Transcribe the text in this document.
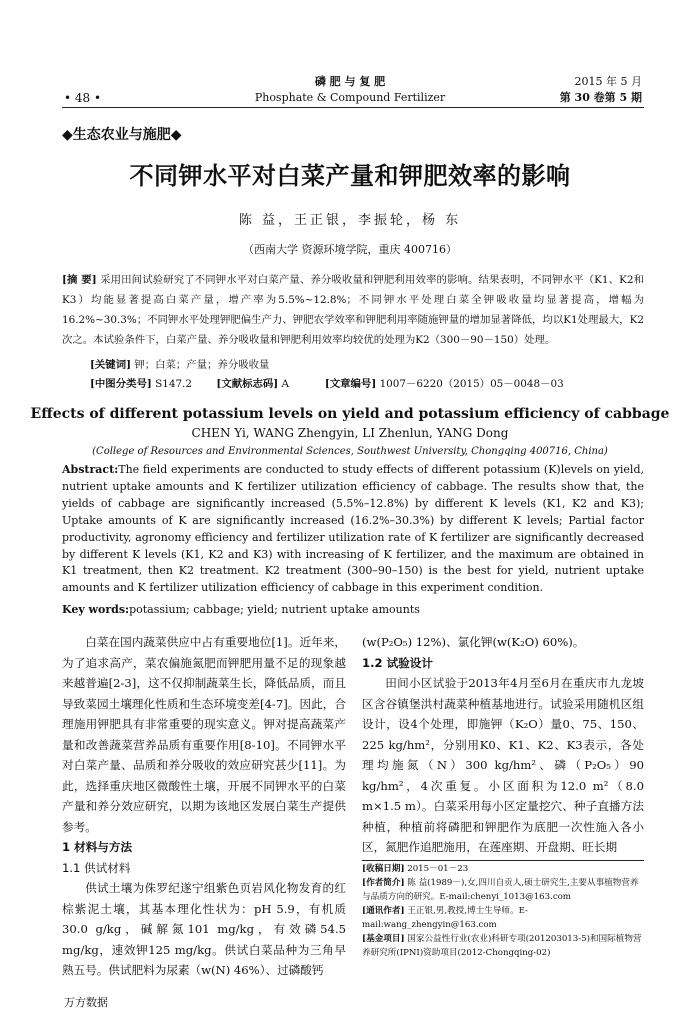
• 48 •
磷 肥 与 复 肥
Phosphate & Compound Fertilizer
2015 年 5 月
第 30 卷第 5 期
◆生态农业与施肥◆
不同钾水平对白菜产量和钾肥效率的影响
陈 益，王正银，李振轮，杨 东
（西南大学 资源环境学院，重庆 400716）
[摘 要] 采用田间试验研究了不同钾水平对白菜产量、养分吸收量和钾肥利用效率的影响。结果表明，不同钾水平（K1、K2和K3）均能显著提高白菜产量，增产率为5.5%~12.8%；不同钾水平处理白菜全钾吸收量均显著提高，增幅为16.2%~30.3%；不同钾水平处理钾肥偏生产力、钾肥农学效率和钾肥利用率随施钾量的增加显著降低，均以K1处理最大，K2次之。本试验条件下，白菜产量、养分吸收量和钾肥利用效率均较优的处理为K2（300－90－150）处理。
[关键词] 钾；白菜；产量；养分吸收量
[中图分类号] S147.2 [文献标志码] A	[文章编号] 1007－6220（2015）05－0048－03
Effects of different potassium levels on yield and potassium efficiency of cabbage
CHEN Yi, WANG Zhengyin, LI Zhenlun, YANG Dong
(College of Resources and Environmental Sciences, Southwest University, Chongqing 400716, China)
Abstract:The field experiments are conducted to study effects of different potassium (K)levels on yield, nutrient uptake amounts and K fertilizer utilization efficiency of cabbage. The results show that, the yields of cabbage are significantly increased (5.5%–12.8%) by different K levels (K1, K2 and K3); Uptake amounts of K are significantly increased (16.2%–30.3%) by different K levels; Partial factor productivity, agronomy efficiency and fertilizer utilization rate of K fertilizer are significantly decreased by different K levels (K1, K2 and K3) with increasing of K fertilizer, and the maximum are obtained in K1 treatment, then K2 treatment. K2 treatment (300–90–150) is the best for yield, nutrient uptake amounts and K fertilizer utilization efficiency of cabbage in this experiment condition.
Key words:potassium; cabbage; yield; nutrient uptake amounts

白菜在国内蔬菜供应中占有重要地位[1]。近年来，为了追求高产，菜农偏施氮肥而钾肥用量不足的现象越来越普遍[2-3]，这不仅抑制蔬菜生长，降低品质，而且导致菜园土壤理化性质和生态环境变差[4-7]。因此，合理施用钾肥具有非常重要的现实意义。钾对提高蔬菜产量和改善蔬菜营养品质有重要作用[8-10]。不同钾水平对白菜产量、品质和养分吸收的效应研究甚少[11]。为此，选择重庆地区微酸性土壤，开展不同钾水平的白菜产量和养分效应研究，以期为该地区发展白菜生产提供参考。

1 材料与方法

1.1 供试材料

供试土壤为侏罗纪遂宁组紫色页岩风化物发育的红棕紫泥土壤，其基本理化性状为：pH 5.9，有机质30.0 g/kg，碱解氮101 mg/kg，有效磷54.5 mg/kg，速效钾125 mg/kg。供试白菜品种为三角早熟五号。供试肥料为尿素（w(N) 46%）、过磷酸钙

(w(P₂O₅) 12%)、氯化钾(w(K₂O) 60%)。

1.2 试验设计

田间小区试验于2013年4月至6月在重庆市九龙坡区含谷镇堡洪村蔬菜种植基地进行。试验采用随机区组设计，设4个处理，即施钾（K₂O）量0、75、150、225 kg/hm²，分别用K0、K1、K2、K3表示，各处理均施氮（N）300 kg/hm²、磷（P₂O₅）90 kg/hm²，4次重复。小区面积为12.0 m²（8.0 m×1.5 m）。白菜采用每小区定量挖穴、种子直播方法种植，种植前将磷肥和钾肥作为底肥一次性施入各小区，氮肥作追肥施用，在莲座期、开盘期、旺长期

[收稿日期] 2015－01－23

[作者简介] 陈 益(1989－),女,四川自贡人,硕士研究生,主要从事植物营养与品质方向的研究。E-mail:chenyi_1013@163.com

[通讯作者] 王正银,男,教授,博士生导师。E-mail:wang_zhengyin@163.com

[基金项目] 国家公益性行业(农业)科研专项(201203013-5)和国际植物营养研究所(IPNI)资助项目(2012-Chongqing-02)

万方数据
